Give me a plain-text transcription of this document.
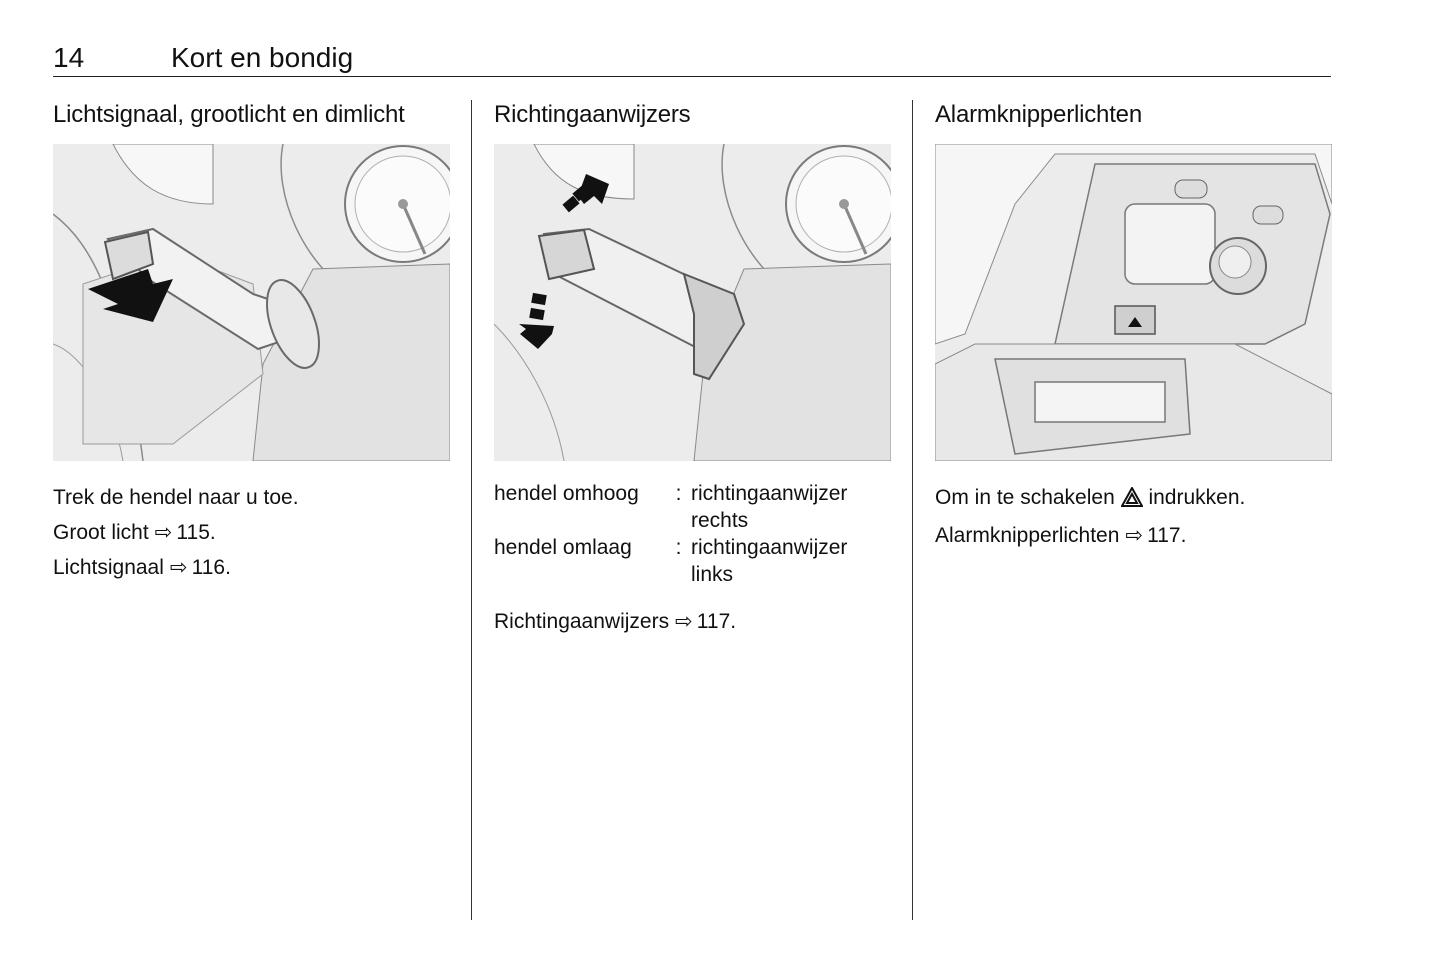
14	Kort en bondig
Lichtsignaal, grootlicht en dimlicht

Trek de hendel naar u toe.

Groot licht ⇨ 115.

Lichtsignaal ⇨ 116.

Richtingaanwijzers
hendel omhoog	:	richtingaanwijzer rechts
hendel omlaag	:	richtingaanwijzer links

Richtingaanwijzers ⇨ 117.

Alarmknipperlichten

Om in te schakelen indrukken.

Alarmknipperlichten ⇨ 117.
